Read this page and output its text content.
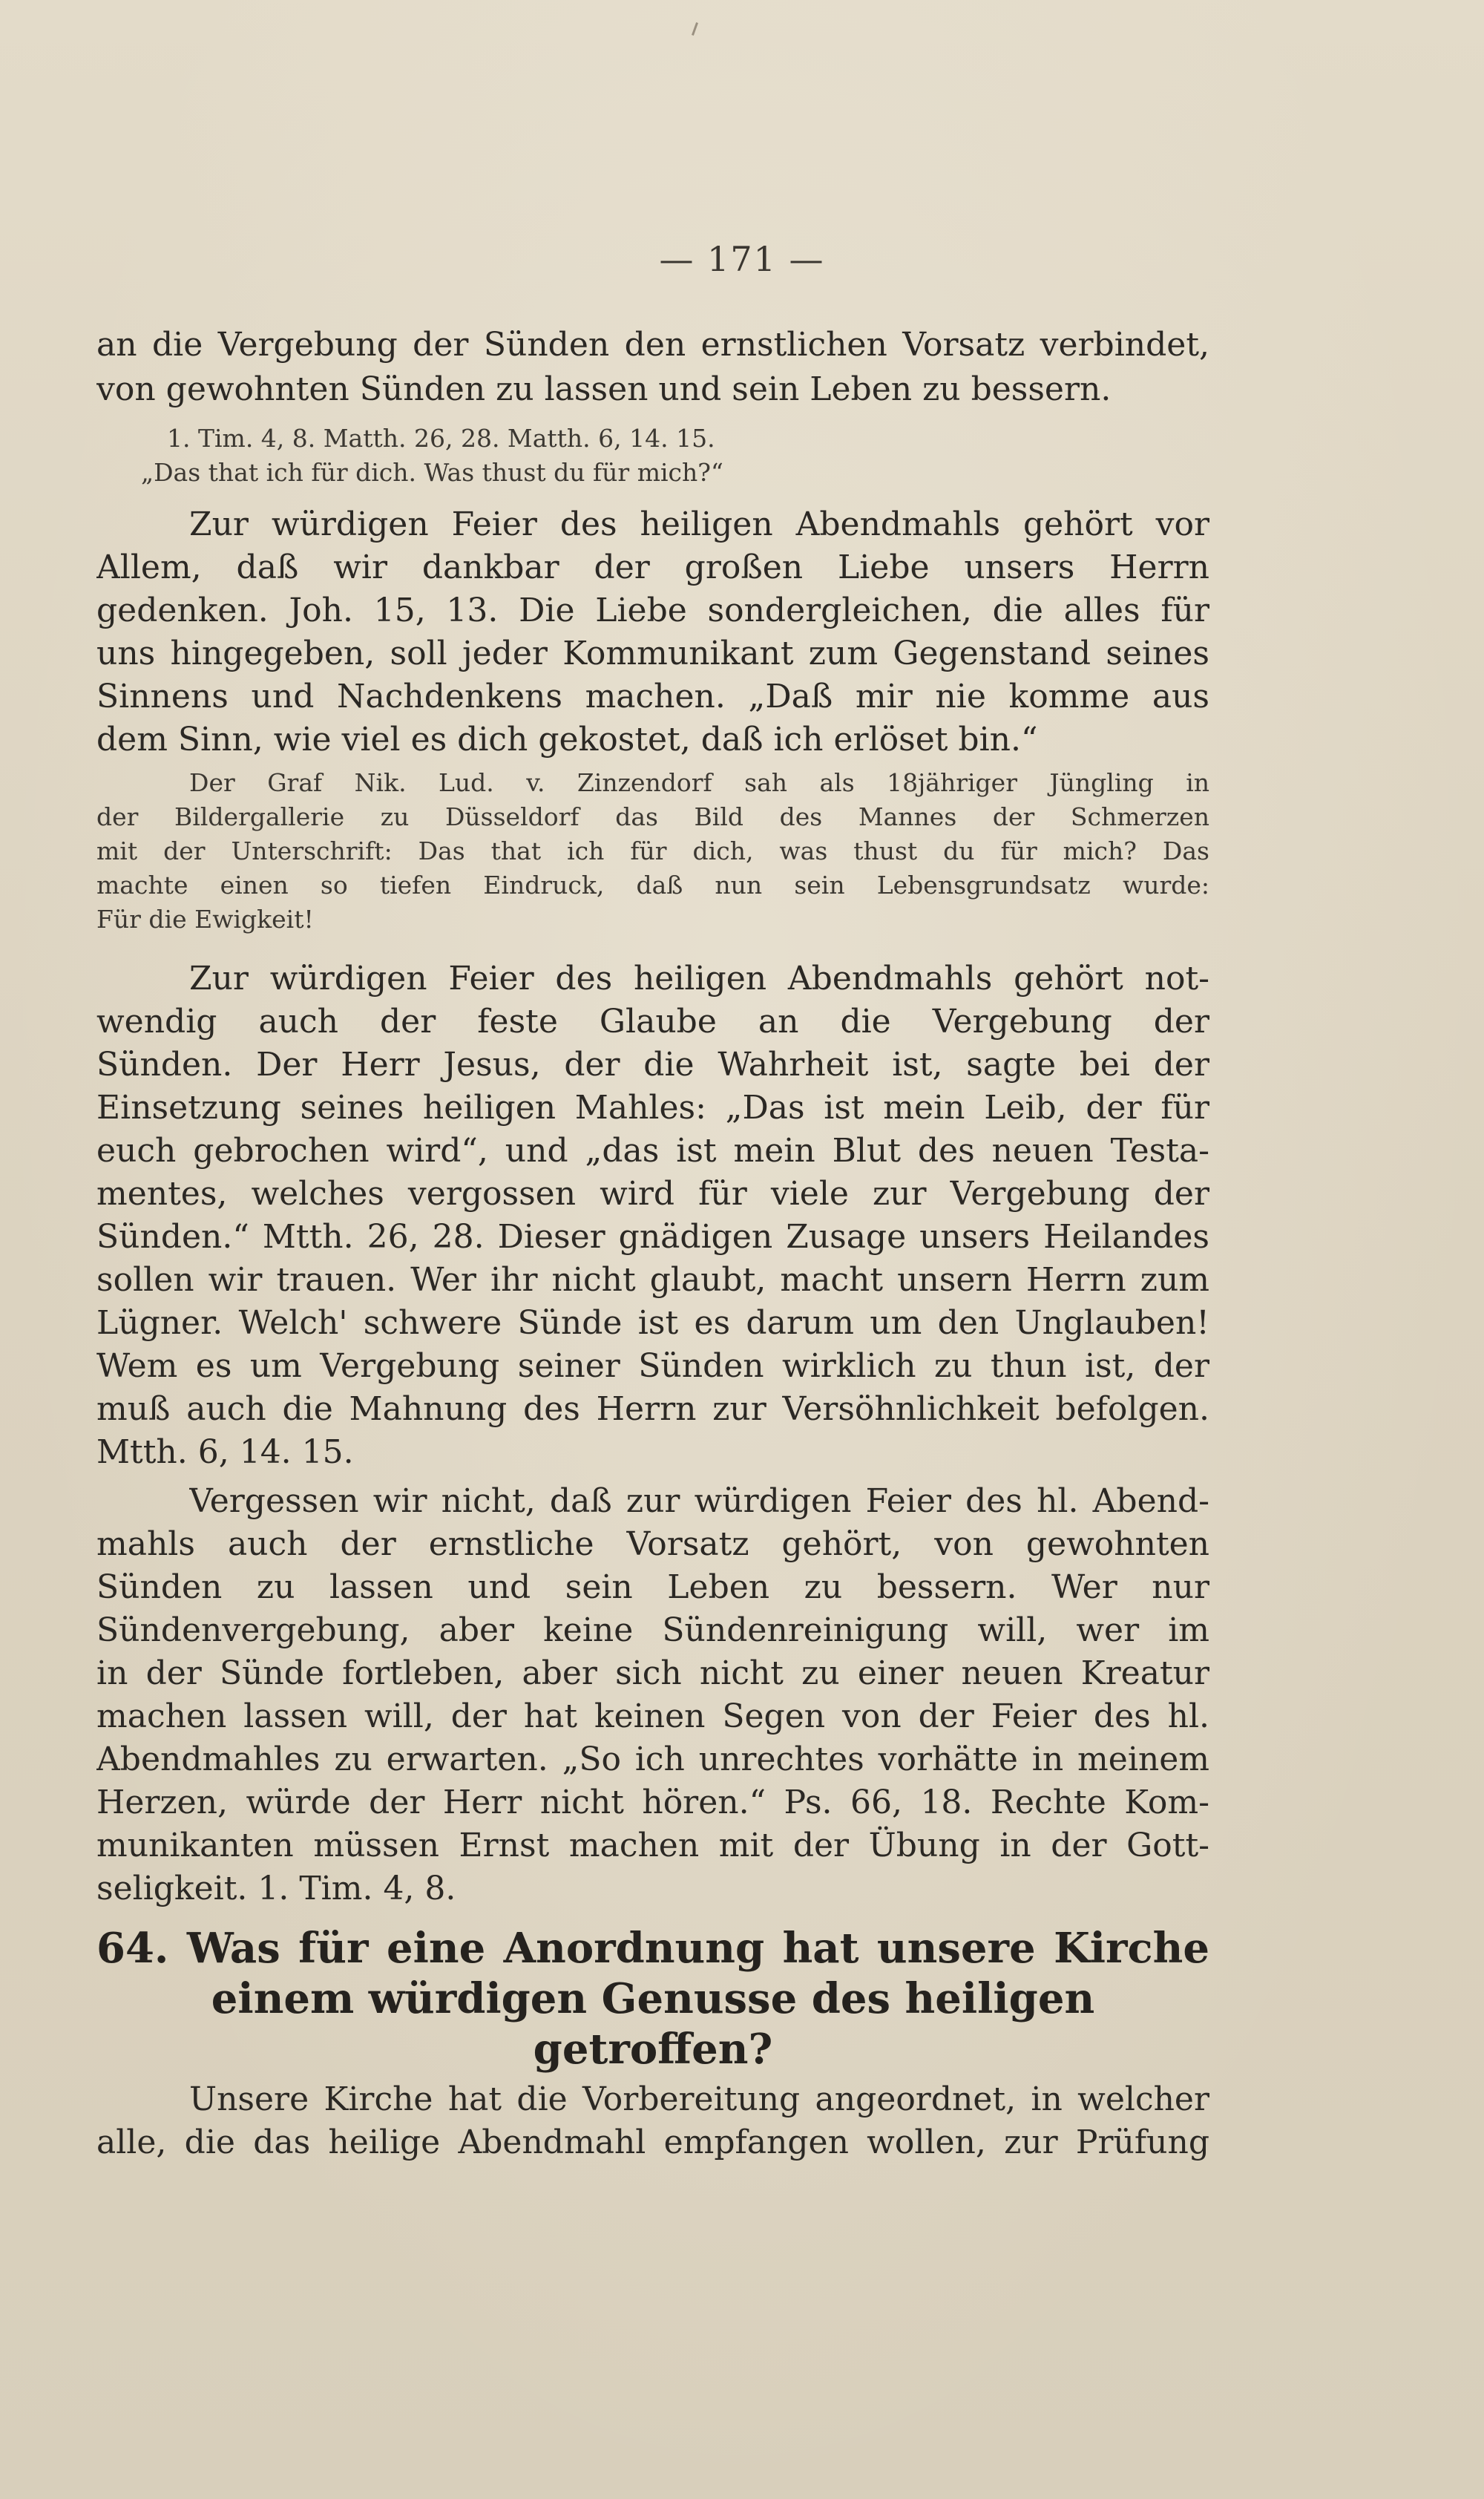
— 171 —

an die Vergebung der Sünden den ernstlichen Vorsatz verbindet,

von gewohnten Sünden zu lassen und sein Leben zu bessern.

1. Tim. 4, 8. Matth. 26, 28. Matth. 6, 14. 15.

„Das that ich für dich. Was thust du für mich?“

Zur würdigen Feier des heiligen Abendmahls gehört vor

Allem, daß wir dankbar der großen Liebe unsers Herrn

gedenken. Joh. 15, 13. Die Liebe sondergleichen, die alles für

uns hingegeben, soll jeder Kommunikant zum Gegenstand seines

Sinnens und Nachdenkens machen. „Daß mir nie komme aus

dem Sinn, wie viel es dich gekostet, daß ich erlöset bin.“

Der Graf Nik. Lud. v. Zinzendorf sah als 18jähriger Jüngling in

der Bildergallerie zu Düsseldorf das Bild des Mannes der Schmerzen

mit der Unterschrift: Das that ich für dich, was thust du für mich? Das

machte einen so tiefen Eindruck, daß nun sein Lebensgrundsatz wurde:

Für die Ewigkeit!

Zur würdigen Feier des heiligen Abendmahls gehört not-

wendig auch der feste Glaube an die Vergebung der

Sünden. Der Herr Jesus, der die Wahrheit ist, sagte bei der

Einsetzung seines heiligen Mahles: „Das ist mein Leib, der für

euch gebrochen wird“, und „das ist mein Blut des neuen Testa-

mentes, welches vergossen wird für viele zur Vergebung der

Sünden.“ Mtth. 26, 28. Dieser gnädigen Zusage unsers Heilandes

sollen wir trauen. Wer ihr nicht glaubt, macht unsern Herrn zum

Lügner. Welch' schwere Sünde ist es darum um den Unglauben!

Wem es um Vergebung seiner Sünden wirklich zu thun ist, der

muß auch die Mahnung des Herrn zur Versöhnlichkeit befolgen.

Mtth. 6, 14. 15.

Vergessen wir nicht, daß zur würdigen Feier des hl. Abend-

mahls auch der ernstliche Vorsatz gehört, von gewohnten

Sünden zu lassen und sein Leben zu bessern. Wer nur

Sündenvergebung, aber keine Sündenreinigung will, wer im

in der Sünde fortleben, aber sich nicht zu einer neuen Kreatur

machen lassen will, der hat keinen Segen von der Feier des hl.

Abendmahles zu erwarten. „So ich unrechtes vorhätte in meinem

Herzen, würde der Herr nicht hören.“ Ps. 66, 18. Rechte Kom-

munikanten müssen Ernst machen mit der Übung in der Gott-

seligkeit. 1. Tim. 4, 8.

64. Was für eine Anordnung hat unsere Kirche

einem würdigen Genusse des heiligen

getroffen?

Unsere Kirche hat die Vorbereitung angeordnet, in welcher

alle, die das heilige Abendmahl empfangen wollen, zur Prüfung
